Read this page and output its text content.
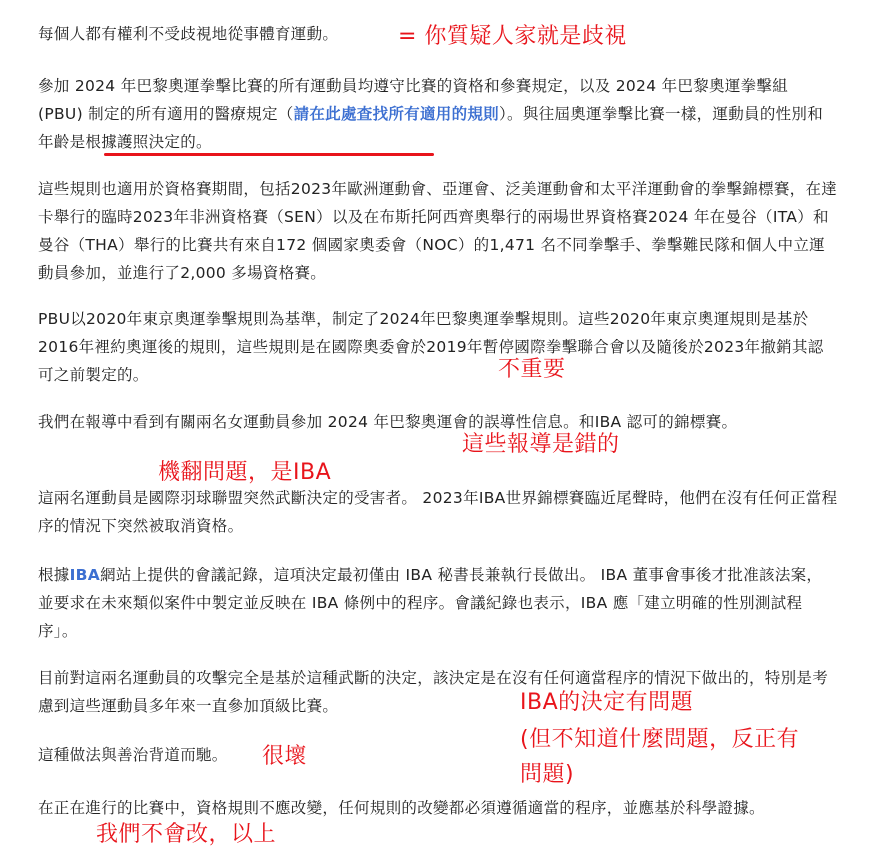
每個人都有權利不受歧視地從事體育運動。
參加 2024 年巴黎奧運拳擊比賽的所有運動員均遵守比賽的資格和參賽規定，以及 2024 年巴黎奧運拳擊組 (PBU) 制定的所有適用的醫療規定（請在此處查找所有適用的規則）。與往屆奧運拳擊比賽一樣，運動員的性別和年齡是根據護照決定的。
這些規則也適用於資格賽期間，包括2023年歐洲運動會、亞運會、泛美運動會和太平洋運動會的拳擊錦標賽，在達卡舉行的臨時2023年非洲資格賽（SEN）以及在布斯托阿西齊奧舉行的兩場世界資格賽2024 年在曼谷（ITA）和曼谷（THA）舉行的比賽共有來自172 個國家奧委會（NOC）的1,471 名不同拳擊手、拳擊難民隊和個人中立運動員參加，並進行了2,000 多場資格賽。
PBU以2020年東京奧運拳擊規則為基準，制定了2024年巴黎奧運拳擊規則。這些2020年東京奧運規則是基於2016年裡約奧運後的規則，這些規則是在國際奧委會於2019年暫停國際拳擊聯合會以及隨後於2023年撤銷其認可之前製定的。
我們在報導中看到有關兩名女運動員參加 2024 年巴黎奧運會的誤導性信息。和IBA 認可的錦標賽。
這兩名運動員是國際羽球聯盟突然武斷決定的受害者。 2023年IBA世界錦標賽臨近尾聲時，他們在沒有任何正當程序的情況下突然被取消資格。
根據IBA網站上提供的會議記錄，這項決定最初僅由 IBA 秘書長兼執行長做出。 IBA 董事會事後才批准該法案，並要求在未來類似案件中製定並反映在 IBA 條例中的程序。會議紀錄也表示，IBA 應「建立明確的性別測試程序」。
目前對這兩名運動員的攻擊完全是基於這種武斷的決定，該決定是在沒有任何適當程序的情況下做出的，特別是考慮到這些運動員多年來一直參加頂級比賽。
這種做法與善治背道而馳。
在正在進行的比賽中，資格規則不應改變，任何規則的改變都必須遵循適當的程序，並應基於科學證據。
= 你質疑人家就是歧視
不重要
這些報導是錯的
機翻問題，是IBA
IBA的決定有問題
(但不知道什麼問題，反正有
問題)
很壞
我們不會改，以上
